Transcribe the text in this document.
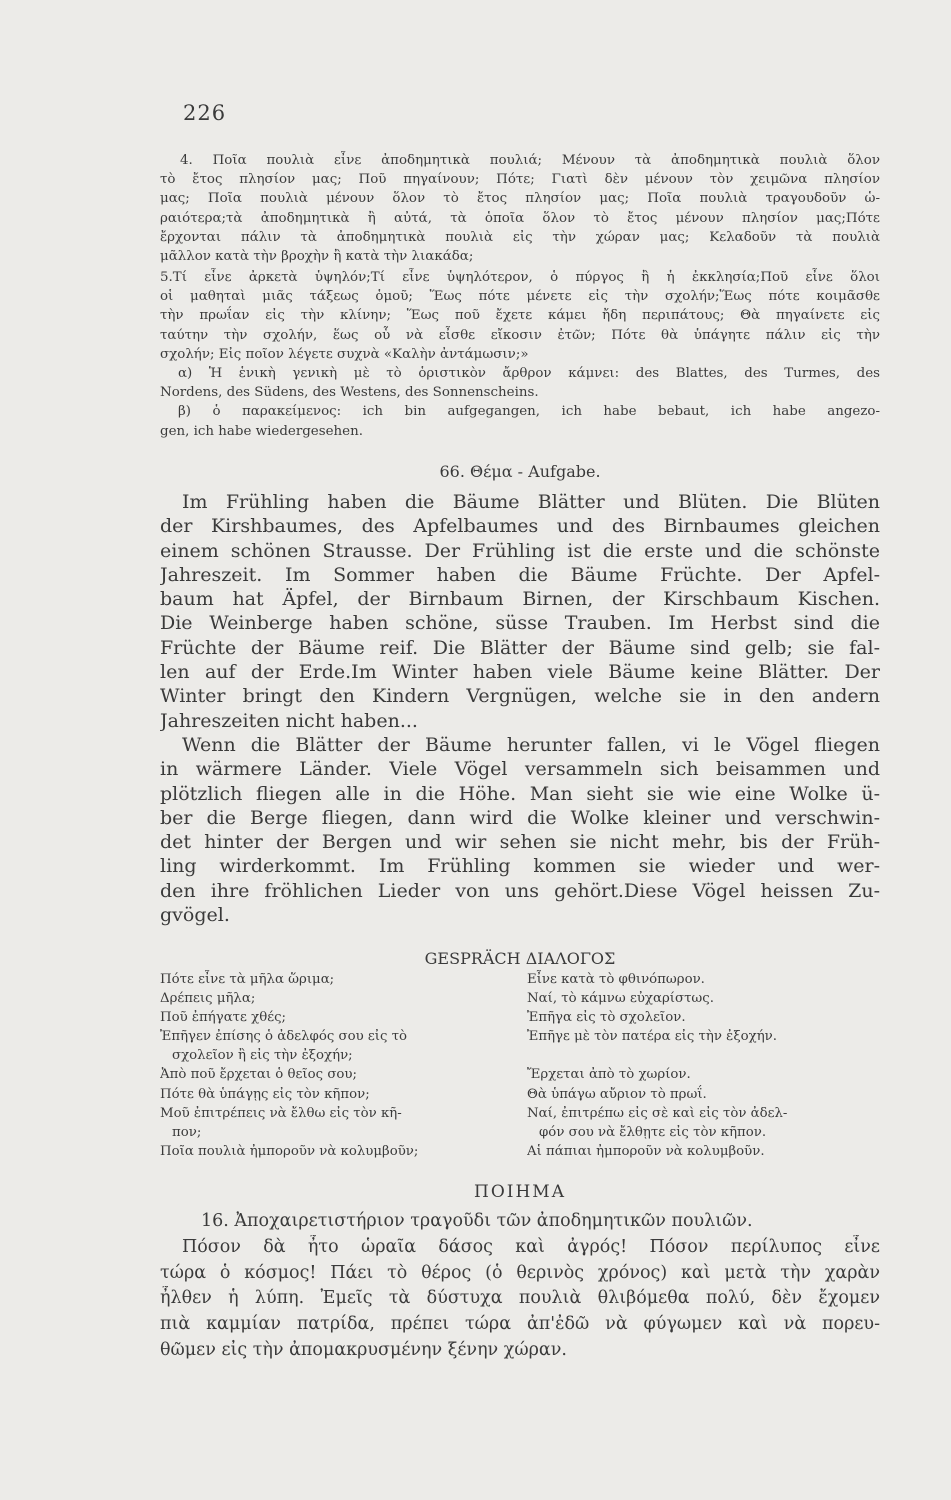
226
4. Ποῖα πουλιὰ εἶνε ἀποδημητικὰ πουλιά; Μένουν τὰ ἀποδημητικὰ πουλιὰ ὅλον
τὸ ἔτος πλησίον μας; Ποῦ πηγαίνουν; Πότε; Γιατὶ δὲν μένουν τὸν χειμῶνα πλησίον
μας; Ποῖα πουλιὰ μένουν ὅλον τὸ ἔτος πλησίον μας; Ποῖα πουλιὰ τραγουδοῦν ὡ-
ραιότερα;τὰ ἀποδημητικὰ ἢ αὐτά, τὰ ὁποῖα ὅλον τὸ ἔτος μένουν πλησίον μας;Πότε
ἔρχονται πάλιν τὰ ἀποδημητικὰ πουλιὰ εἰς τὴν χώραν μας; Κελαδοῦν τὰ πουλιὰ
μᾶλλον κατὰ τὴν βροχὴν ἢ κατὰ τὴν λιακάδα;
5.Τί εἶνε ἀρκετὰ ὑψηλόν;Τί εἶνε ὑψηλότερον, ὁ πύργος ἢ ἡ ἐκκλησία;Ποῦ εἶνε ὅλοι
οἱ μαθηταὶ μιᾶς τάξεως ὁμοῦ; Ἕως πότε μένετε εἰς τὴν σχολήν;Ἕως πότε κοιμᾶσθε
τὴν πρωΐαν εἰς τὴν κλίνην; Ἕως ποῦ ἔχετε κάμει ἤδη περιπάτους; Θὰ πηγαίνετε εἰς
ταύτην τὴν σχολήν, ἕως οὗ νὰ εἶσθε εἴκοσιν ἐτῶν; Πότε θὰ ὑπάγητε πάλιν εἰς τὴν
σχολήν; Εἰς ποῖον λέγετε συχνὰ «Καλὴν ἀντάμωσιν;»
α) Ἡ ἑνικὴ γενικὴ μὲ τὸ ὁριστικὸν ἄρθρον κάμνει: des Blattes, des Turmes, des
Nordens, des Südens, des Westens, des Sonnenscheins.
β) ὁ παρακείμενος: ich bin aufgegangen, ich habe bebaut, ich habe angezo-
gen, ich habe wiedergesehen.
66. Θέμα - Aufgabe.
Im Frühling haben die Bäume Blätter und Blüten. Die Blüten
der Kirshbaumes, des Apfelbaumes und des Birnbaumes gleichen
einem schönen Strausse. Der Frühling ist die erste und die schönste
Jahreszeit. Im Sommer haben die Bäume Früchte. Der Apfel-
baum hat Äpfel, der Birnbaum Birnen, der Kirschbaum Kischen.
Die Weinberge haben schöne, süsse Trauben. Im Herbst sind die
Früchte der Bäume reif. Die Blätter der Bäume sind gelb; sie fal-
len auf der Erde.Im Winter haben viele Bäume keine Blätter. Der
Winter bringt den Kindern Vergnügen, welche sie in den andern
Jahreszeiten nicht haben...
Wenn die Blätter der Bäume herunter fallen, vi le Vögel fliegen
in wärmere Länder. Viele Vögel versammeln sich beisammen und
plötzlich fliegen alle in die Höhe. Man sieht sie wie eine Wolke ü-
ber die Berge fliegen, dann wird die Wolke kleiner und verschwin-
det hinter der Bergen und wir sehen sie nicht mehr, bis der Früh-
ling wirderkommt. Im Frühling kommen sie wieder und wer-
den ihre fröhlichen Lieder von uns gehört.Diese Vögel heissen Zu-
gvögel.
GESPRÄCH ΔΙΑΛΟΓΟΣ
Πότε εἶνε τὰ μῆλα ὥριμα;
Δρέπεις μῆλα;
Ποῦ ἐπήγατε χθές;
Ἐπῆγεν ἐπίσης ὁ ἀδελφός σου εἰς τὸ
σχολεῖον ἢ εἰς τὴν ἐξοχήν;
Ἀπὸ ποῦ ἔρχεται ὁ θεῖος σου;
Πότε θὰ ὑπάγῃς εἰς τὸν κῆπον;
Μοῦ ἐπιτρέπεις νὰ ἔλθω εἰς τὸν κῆ-
πον;
Ποῖα πουλιὰ ἠμποροῦν νὰ κολυμβοῦν;
Εἶνε κατὰ τὸ φθινόπωρον.
Ναί, τὸ κάμνω εὐχαρίστως.
Ἐπῆγα εἰς τὸ σχολεῖον.
Ἐπῆγε μὲ τὸν πατέρα εἰς τὴν ἐξοχήν.

Ἔρχεται ἀπὸ τὸ χωρίον.
Θὰ ὑπάγω αὔριον τὸ πρωΐ.
Ναί, ἐπιτρέπω εἰς σὲ καὶ εἰς τὸν ἀδελ-
φόν σου νὰ ἔλθῃτε εἰς τὸν κῆπον.
Αἱ πάπιαι ἠμποροῦν νὰ κολυμβοῦν.
ΠΟΙΗΜΑ
16. Ἀποχαιρετιστήριον τραγοῦδι τῶν ἀποδημητικῶν πουλιῶν.
Πόσον δὰ ἦτο ὡραῖα δάσος καὶ ἀγρός! Πόσον περίλυπος εἶνε
τώρα ὁ κόσμος! Πάει τὸ θέρος (ὁ θερινὸς χρόνος) καὶ μετὰ τὴν χαρὰν
ἦλθεν ἡ λύπη. Ἐμεῖς τὰ δύστυχα πουλιὰ θλιβόμεθα πολύ, δὲν ἔχομεν
πιὰ καμμίαν πατρίδα, πρέπει τώρα ἀπ'ἐδῶ νὰ φύγωμεν καὶ νὰ πορευ-
θῶμεν εἰς τὴν ἀπομακρυσμένην ξένην χώραν.
